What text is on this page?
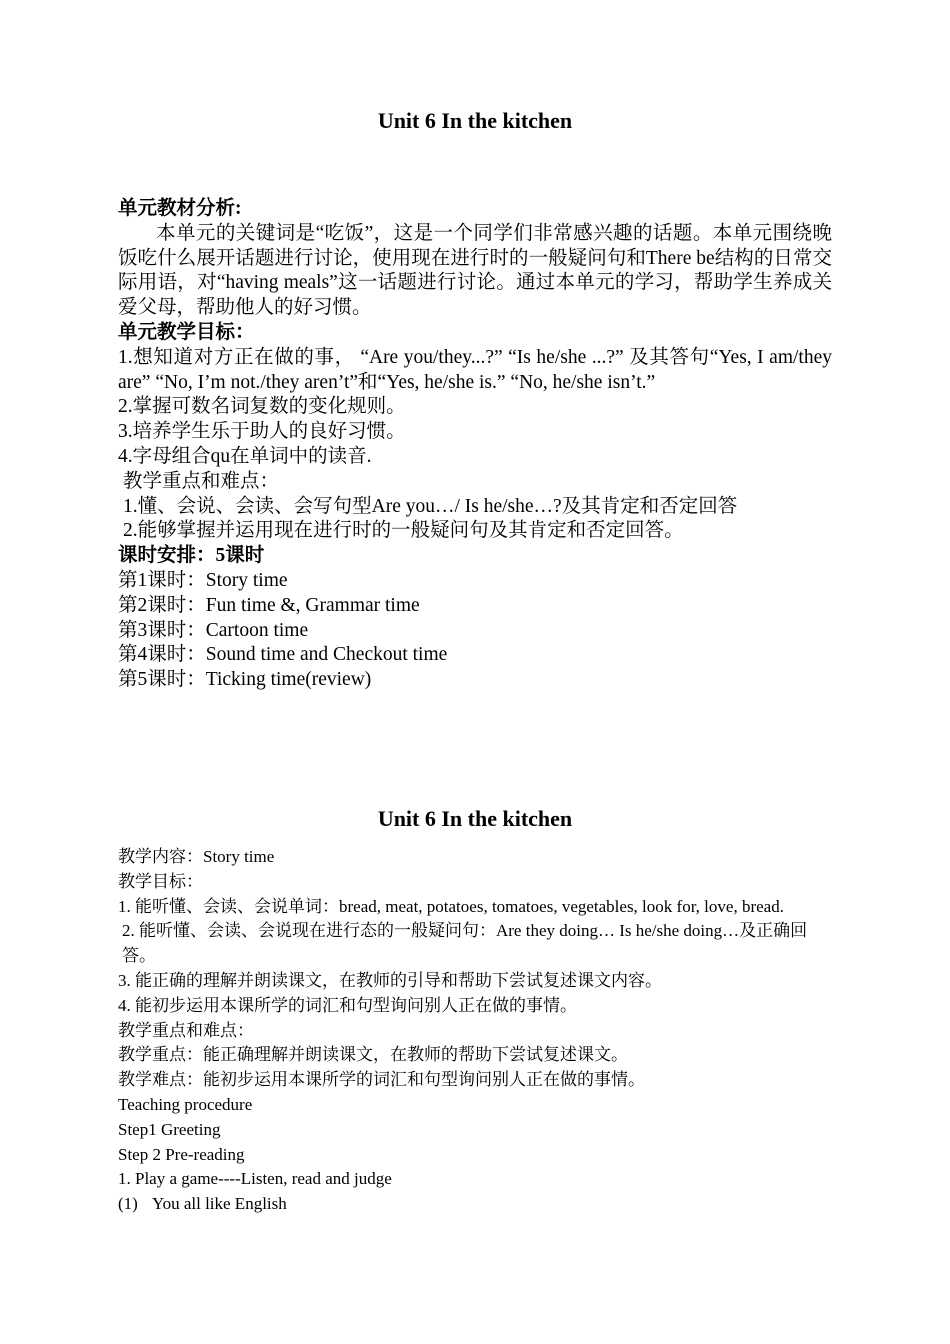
Unit 6 In the kitchen

单元教材分析:

本单元的关键词是“吃饭”，这是一个同学们非常感兴趣的话题。本单元围绕晚饭吃什么展开话题进行讨论，使用现在进行时的一般疑问句和There be结构的日常交际用语，对“having meals”这一话题进行讨论。通过本单元的学习，帮助学生养成关爱父母，帮助他人的好习惯。

单元教学目标：

1.想知道对方正在做的事， “Are you/they...?” “Is he/she ...?” 及其答句“Yes, I am/they are” “No, I’m not./they aren’t”和“Yes, he/she is.” “No, he/she isn’t.”

2.掌握可数名词复数的变化规则。

3.培养学生乐于助人的良好习惯。

4.字母组合qu在单词中的读音.

教学重点和难点：

1.懂、会说、会读、会写句型Are you…/ Is he/she…?及其肯定和否定回答

2.能够掌握并运用现在进行时的一般疑问句及其肯定和否定回答。

课时安排：5课时

第1课时：Story time

第2课时：Fun time &, Grammar time

第3课时：Cartoon time

第4课时：Sound time and Checkout time

第5课时：Ticking time(review)

Unit 6 In the kitchen

教学内容：Story time

教学目标：

1. 能听懂、会读、会说单词：bread, meat, potatoes, tomatoes, vegetables, look for, love, bread.

2. 能听懂、会读、会说现在进行态的一般疑问句：Are they doing… Is he/she doing…及正确回答。

3. 能正确的理解并朗读课文，在教师的引导和帮助下尝试复述课文内容。

4. 能初步运用本课所学的词汇和句型询问别人正在做的事情。

教学重点和难点：

教学重点：能正确理解并朗读课文，在教师的帮助下尝试复述课文。

教学难点：能初步运用本课所学的词汇和句型询问别人正在做的事情。

Teaching procedure

Step1 Greeting

Step 2 Pre-reading

1. Play a game----Listen, read and judge

(1) You all like English
